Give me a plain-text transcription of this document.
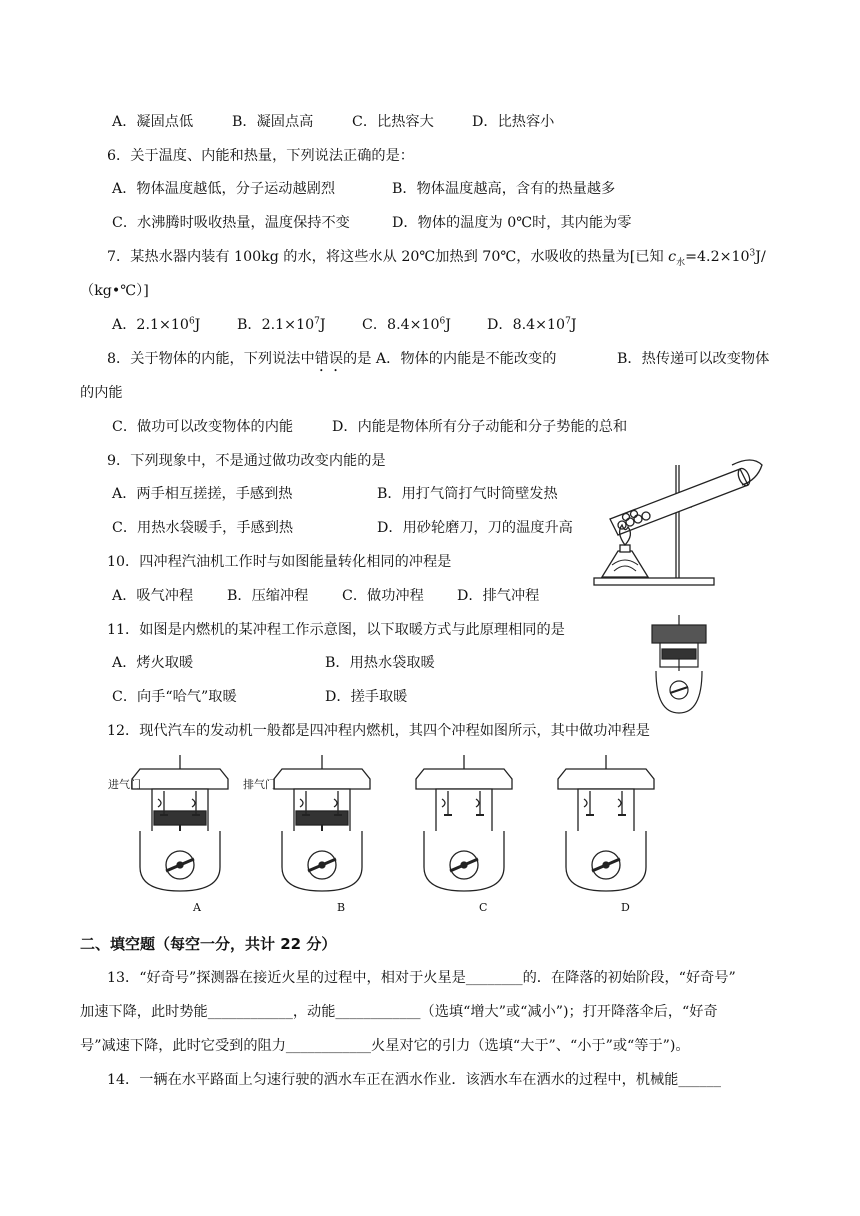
A．凝固点低	B．凝固点高	C．比热容大	D．比热容小
6．关于温度、内能和热量，下列说法正确的是：
A．物体温度越低，分子运动越剧烈	B．物体温度越高，含有的热量越多
C．水沸腾时吸收热量，温度保持不变	D．物体的温度为 0℃时，其内能为零
7．某热水器内装有 100kg 的水，将这些水从 20℃加热到 70℃，水吸收的热量为[已知 $c_水=4.2\times 10^3J/$
（kg•℃）]
A．$2.1\times 10^6J$	B．$2.1\times 10^7J$	C．$8.4\times 10^6J$	D．$8.4\times 10^7J$
8．关于物体的内能，下列说法中错误的是 A．物体的内能是不能改变的	B．热传递可以改变物体
的内能
C．做功可以改变物体的内能	D．内能是物体所有分子动能和分子势能的总和
9．下列现象中，不是通过做功改变内能的是
A．两手相互搓搓，手感到热	B．用打气筒打气时筒壁发热
C．用热水袋暖手，手感到热	D．用砂轮磨刀，刀的温度升高
10．四冲程汽油机工作时与如图能量转化相同的冲程是
A．吸气冲程 B．压缩冲程 C．做功冲程 D．排气冲程
11．如图是内燃机的某冲程工作示意图，以下取暖方式与此原理相同的是
A．烤火取暖	B．用热水袋取暖
C．向手“哈气”取暖	D．搓手取暖
12．现代汽车的发动机一般都是四冲程内燃机，其四个冲程如图所示，其中做功冲程是
进气门	排气门
A	B	C	D
二、填空题（每空一分，共计 22 分）
13．“好奇号”探测器在接近火星的过程中，相对于火星是________的．在降落的初始阶段，“好奇号”
加速下降，此时势能____________，动能____________（选填“增大”或“减小”)；打开降落伞后，“好奇
号”减速下降，此时它受到的阻力____________火星对它的引力（选填“大于”、“小于”或“等于”)。
14．一辆在水平路面上匀速行驶的洒水车正在洒水作业．该洒水车在洒水的过程中，机械能______
